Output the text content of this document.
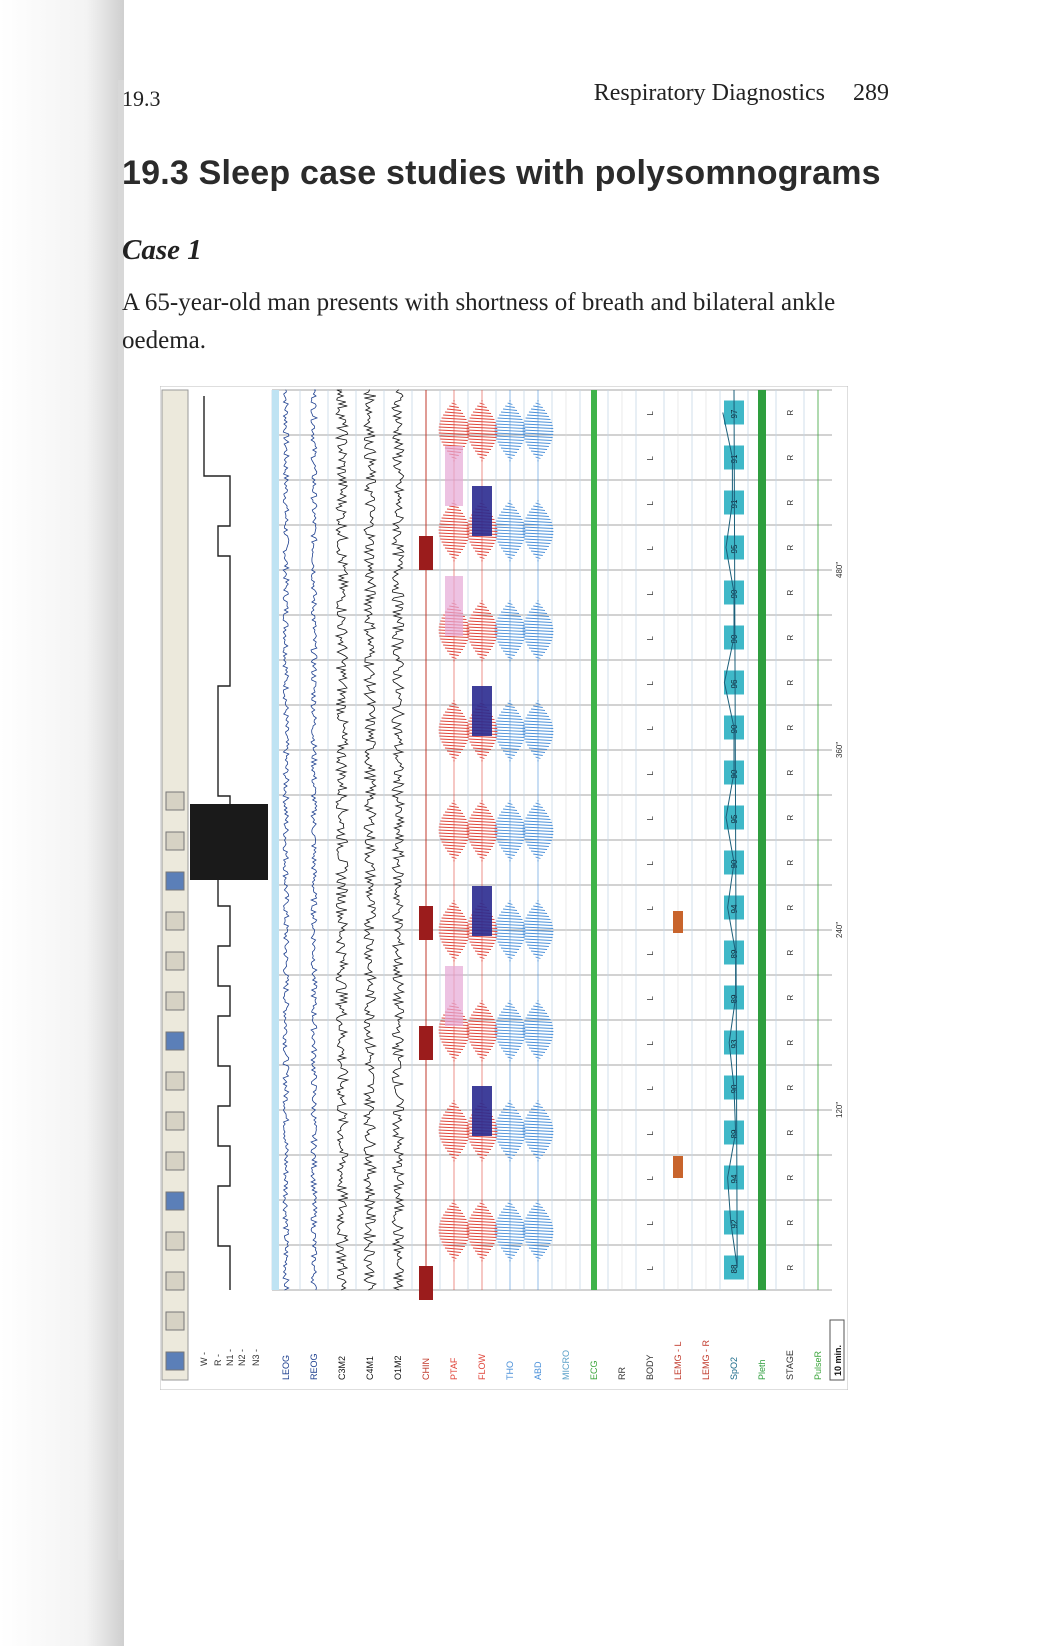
19.3	Respiratory Diagnostics 289
19.3 Sleep case studies with polysomnograms
Case 1

A 65-year-old man presents with shortness of breath and bilateral ankle oedema.

W - R - N1 - N2 - N3 - LEOG REOG C3M2 C4M1 O1M2 CHIN PTAF FLOW THO ABD MICRO ECG RR
L
L
L
L
L
L
L
L
L
L
L
L
L
L
L
L
L
L
L
L
BODY LEMG - L LEMG - R
88
92
94
89
90
93
89
89
94
90
95
90
90
96
90
90
95
91
91
97
SpO2 Pleth
R
R
R
R
R
R
R
R
R
R
R
R
R
R
R
R
R
R
R
R
STAGE PulseR
120"
240"
360"
480"
10 min.
